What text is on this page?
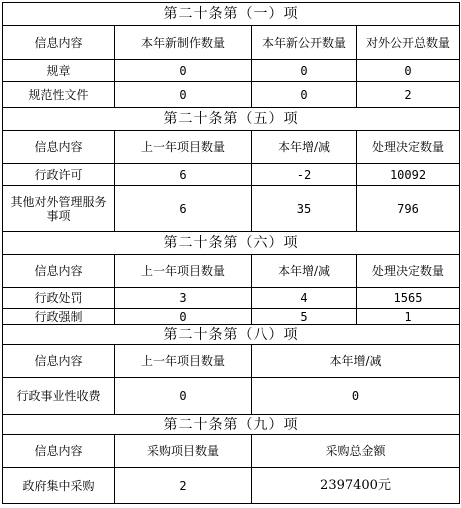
第二十条第（一）项			
信息内容	本年新制作数量	本年新公开数量	对外公开总数量
规章	0	0	0
规范性文件	0	0	2
第二十条第（五）项			
信息内容	上一年项目数量	本年增/减	处理决定数量
行政许可	6	-2	10092
其他对外管理服务事项	6	35	796
第二十条第（六）项			
信息内容	上一年项目数量	本年增/减	处理决定数量
行政处罚	3	4	1565
行政强制	0	5	1
第二十条第（八）项			
信息内容	上一年项目数量	本年增/减	
行政事业性收费	0	0	
第二十条第（九）项			
信息内容	采购项目数量	采购总金额	
政府集中采购	2	2397400元	
